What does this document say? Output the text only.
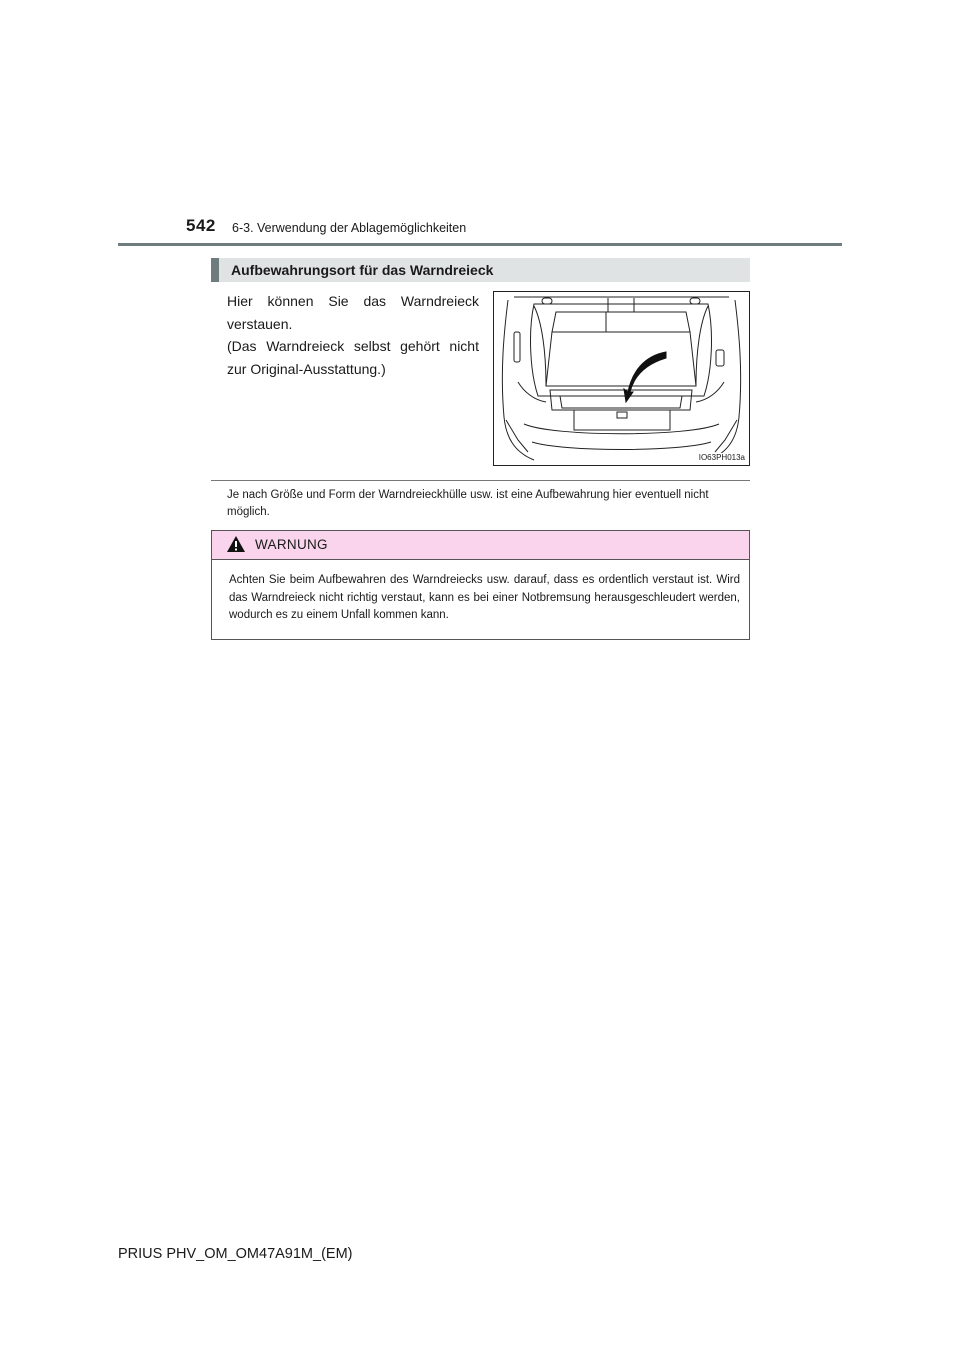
542 6-3. Verwendung der Ablagemöglichkeiten
Aufbewahrungsort für das Warndreieck

Hier können Sie das Warndreieck verstauen.

(Das Warndreieck selbst gehört nicht zur Original-Ausstattung.)

IO63PH013a
Je nach Größe und Form der Warndreieckhülle usw. ist eine Aufbewahrung hier eventuell nicht möglich.
WARNUNG
Achten Sie beim Aufbewahren des Warndreiecks usw. darauf, dass es ordentlich verstaut ist. Wird das Warndreieck nicht richtig verstaut, kann es bei einer Notbremsung herausgeschleudert werden, wodurch es zu einem Unfall kommen kann.
PRIUS PHV_OM_OM47A91M_(EM)
